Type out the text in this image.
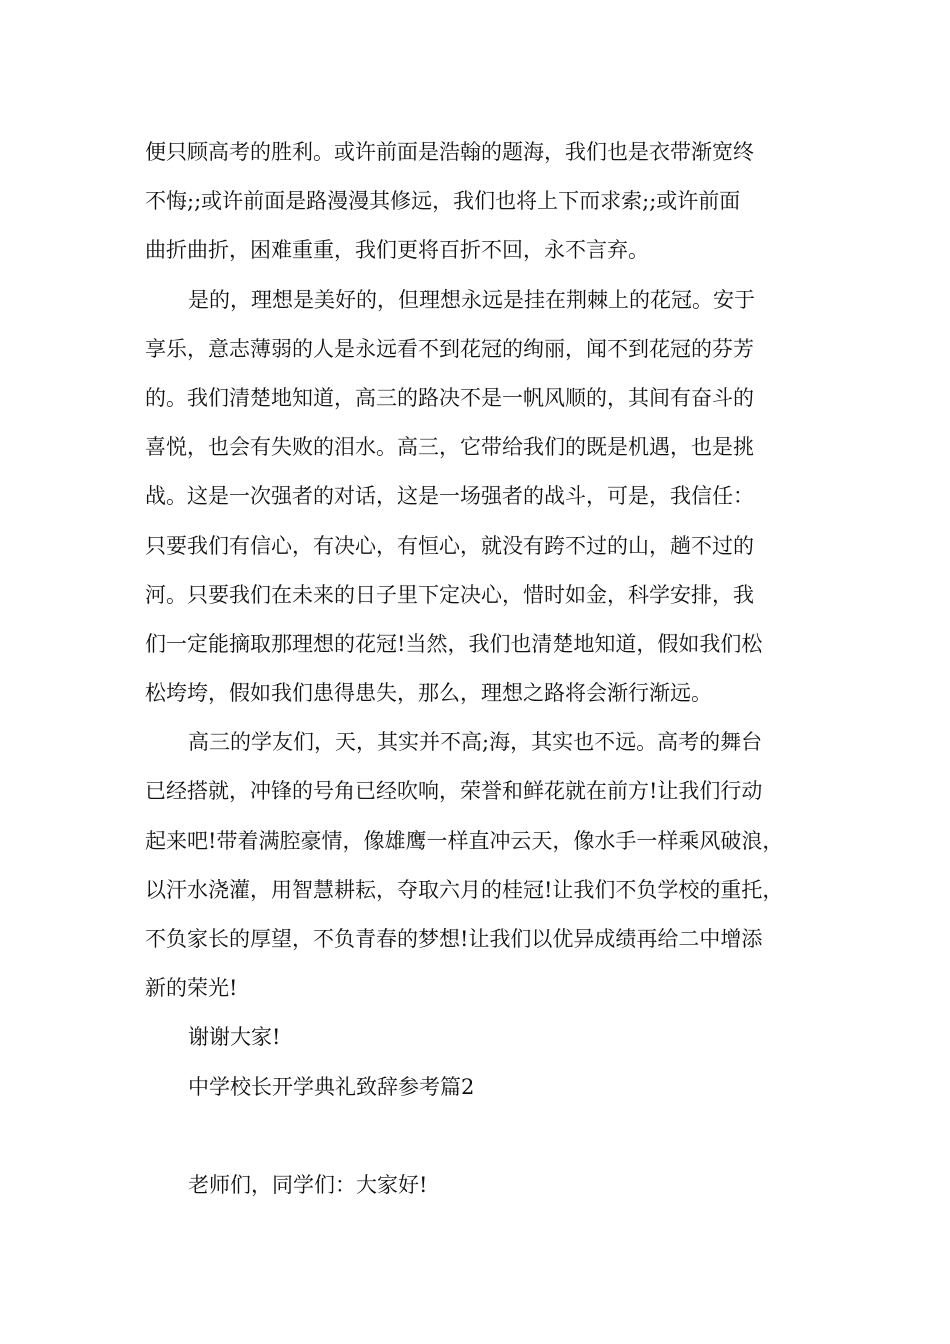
便只顾高考的胜利。或许前面是浩翰的题海，我们也是衣带渐宽终
不悔;;或许前面是路漫漫其修远，我们也将上下而求索;;或许前面
曲折曲折，困难重重，我们更将百折不回，永不言弃。
是的，理想是美好的，但理想永远是挂在荆棘上的花冠。安于
享乐，意志薄弱的人是永远看不到花冠的绚丽，闻不到花冠的芬芳
的。我们清楚地知道，高三的路决不是一帆风顺的，其间有奋斗的
喜悦，也会有失败的泪水。高三，它带给我们的既是机遇，也是挑
战。这是一次强者的对话，这是一场强者的战斗，可是，我信任：
只要我们有信心，有决心，有恒心，就没有跨不过的山，趟不过的
河。只要我们在未来的日子里下定决心，惜时如金，科学安排，我
们一定能摘取那理想的花冠!当然，我们也清楚地知道，假如我们松
松垮垮，假如我们患得患失，那么，理想之路将会渐行渐远。
高三的学友们，天，其实并不高;海，其实也不远。高考的舞台
已经搭就，冲锋的号角已经吹响，荣誉和鲜花就在前方!让我们行动
起来吧!带着满腔豪情，像雄鹰一样直冲云天，像水手一样乘风破浪，
以汗水浇灌，用智慧耕耘，夺取六月的桂冠!让我们不负学校的重托，
不负家长的厚望，不负青春的梦想!让我们以优异成绩再给二中增添
新的荣光!
谢谢大家!
中学校长开学典礼致辞参考篇2
老师们，同学们：大家好!
